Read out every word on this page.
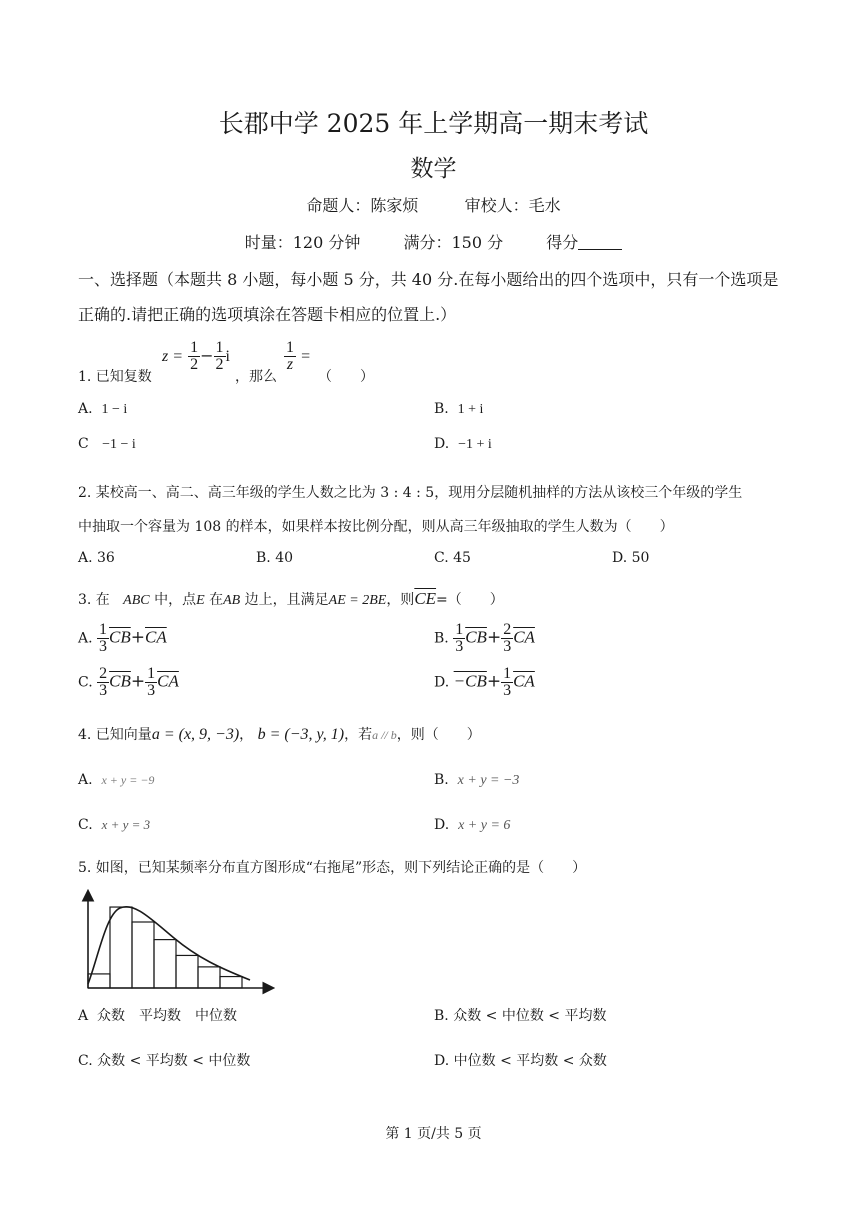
长郡中学 2025 年上学期高一期末考试
数学
命题人：陈家烦	审校人：毛水
时量：120 分钟	满分：150 分	得分
一、选择题（本题共 8 小题，每小题 5 分，共 40 分.在每小题给出的四个选项中，只有一个选项是正确的.请把正确的选项填涂在答题卡相应的位置上.）
1. 已知复数
$z = \frac{1}{2} - \frac{1}{2}$ i
，那么
$\frac{1}{z}$ =
（　　）
A. 1 − i	B. 1 + i
C −1 − i	D. −1 + i
2. 某校高一、高二、高三年级的学生人数之比为 3 : 4 : 5，现用分层随机抽样的方法从该校三个年级的学生
中抽取一个容量为 108 的样本，如果样本按比例分配，则从高三年级抽取的学生人数为（　　）
A. 36	B. 40	C. 45	D. 50
3. 在 ABC 中，点E 在AB 边上，且满足AE = 2BE，则$\overline{CE}=$（　　）
A. $\frac{1}{3} \overline{CB}+\overline{CA}$	B. $\frac{1}{3} \overline{CB}+ \frac{2}{3} \overline{CA}$
C. $\frac{2}{3} \overline{CB}+ \frac{1}{3} \overline{CA}$	D. $-CB+ \frac{1}{3} \overline{CA}$
4. 已知向量a = (x, 9, −3)， b = (−3, y, 1)，若a // b，则（　　）
A. x + y = −9	B. x + y = −3
C. x + y = 3	D. x + y = 6
5. 如图，已知某频率分布直方图形成“右拖尾”形态，则下列结论正确的是（　　）
A 众数　平均数　中位数	B. 众数 < 中位数 < 平均数
C. 众数 < 平均数 < 中位数	D. 中位数 < 平均数 < 众数
第 1 页/共 5 页
